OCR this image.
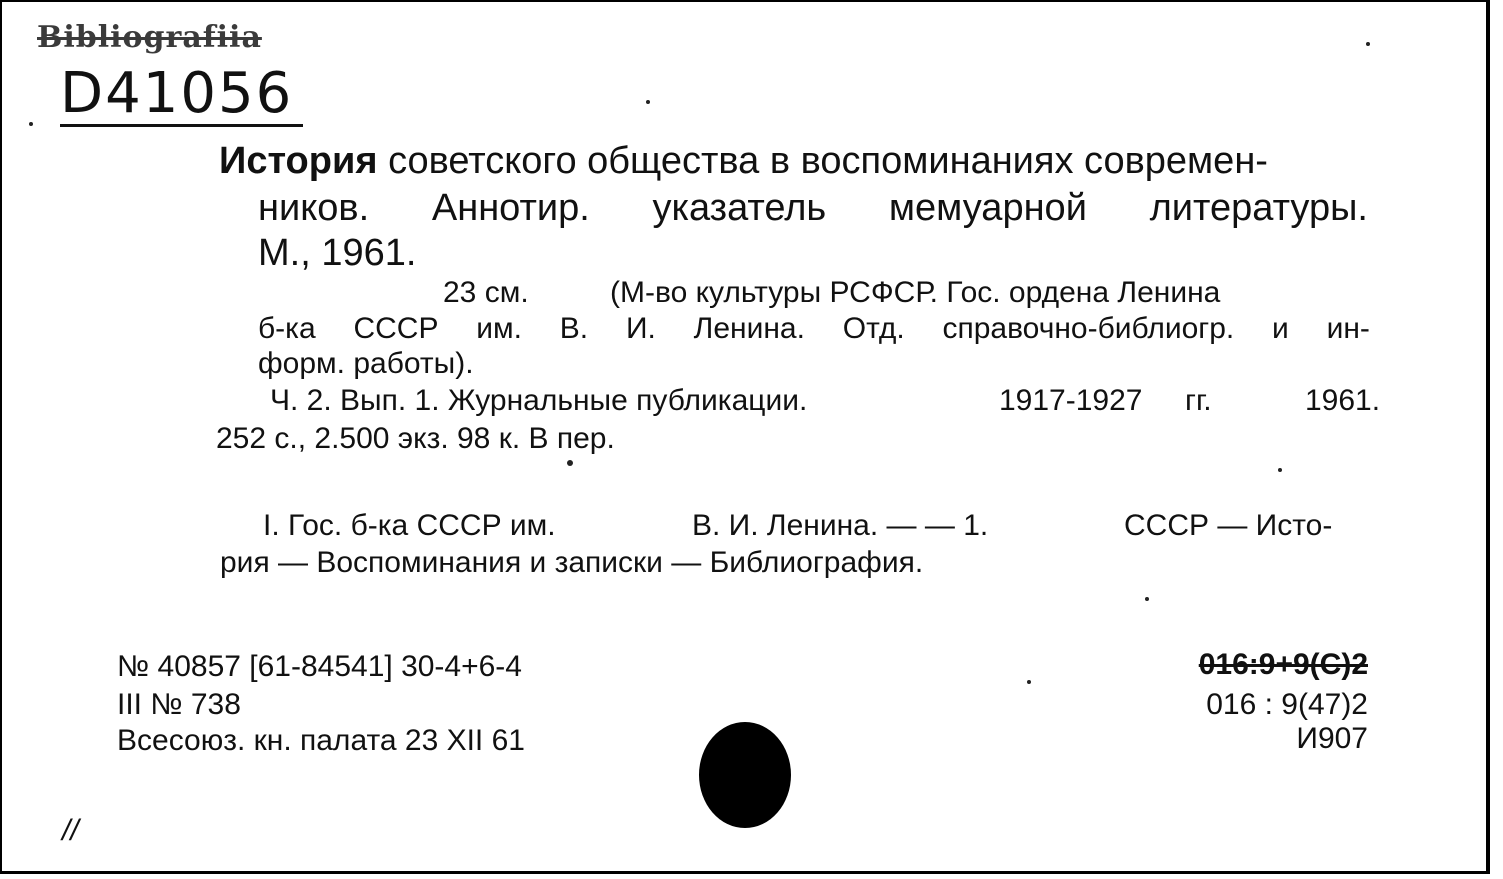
Bibliografiia
D41056
История советского общества в воспоминаниях современ-
ников. Аннотир. указатель мемуарной литературы.
М., 1961.
23 см.	(М-во культуры РСФСР. Гос. ордена Ленина
б-ка СССР им. В. И. Ленина. Отд. справочно-библиогр. и ин-
форм. работы).
Ч. 2. Вып. 1. Журнальные публикации.	1917-1927 гг.	1961.
252 с., 2.500 экз. 98 к. В пер.
I. Гос. б-ка СССР им.	В. И. Ленина. — — 1.	СССР — Исто-
рия — Воспоминания и записки — Библиография.
№ 40857 [61-84541] 30-4+6-4
III № 738
Всесоюз. кн. палата 23 XII 61
016:9+9(С)2
016 : 9(47)2
И907
//
